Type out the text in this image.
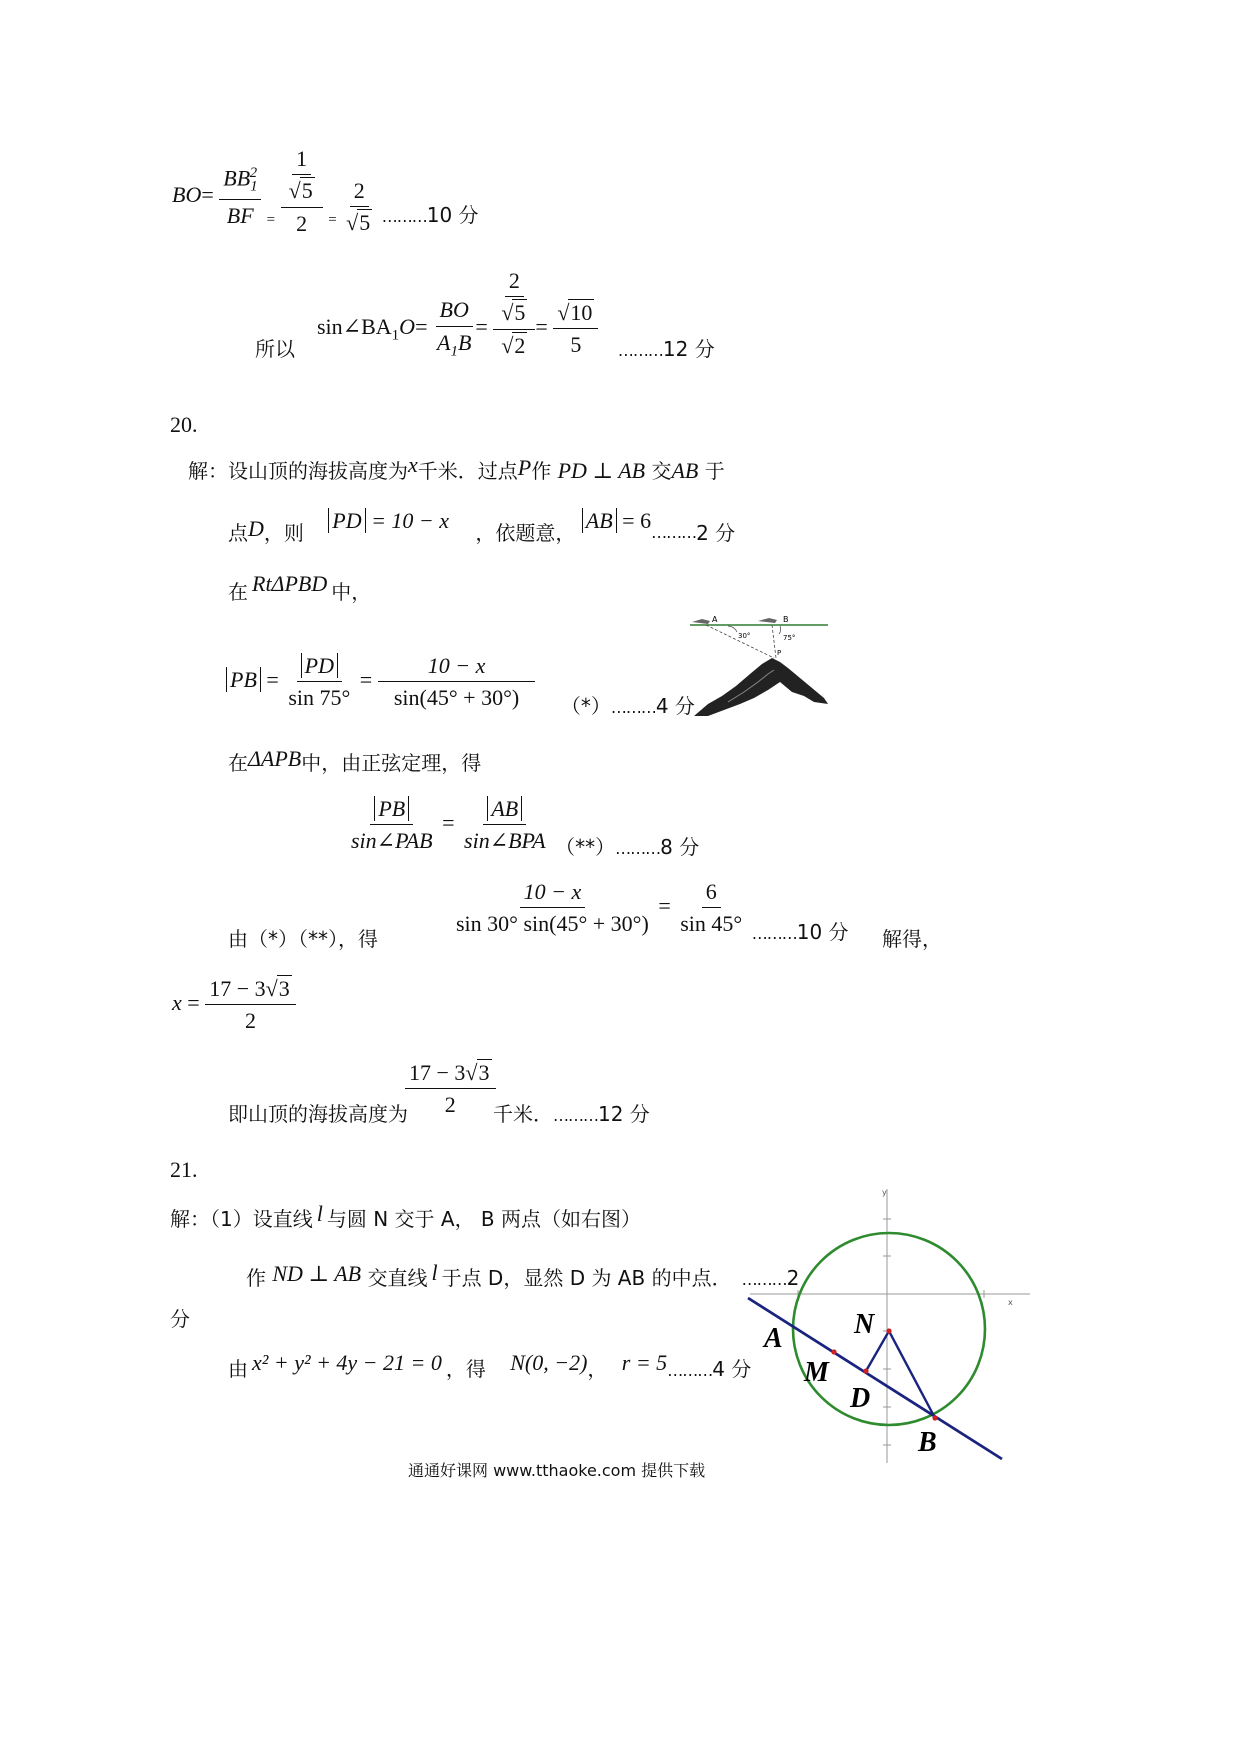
$BO= \frac{BB_1^2}{BF} _= \frac{\frac{1}{√5}}{2} _= \frac{2}{√5} _{\dots\dots\dots}10$ 分
所以
$\sin\angle BA_1O= \frac{BO}{A_1B} = \frac{\frac{2}{√5}}{√2} = \frac{√10}{5} _{\dots\dots\dots}12$ 分
20.
解：设山顶的海拔高度为x千米．过点P作 PD ⊥ AB 交AB 于
点D，则 PD = 10 − x ，依题意， AB = $6_{\dots\dots\dots}2$ 分
在 RtΔPBD 中，
PB = $\frac{PD}{\sin 75^\circ} = \frac{10 - x}{\sin(45^\circ + 30^\circ)} (*)_{\dots\dots\dots}4$ 分
A	B
30°	75°
P
在ΔAPB中，由正弦定理，得
$\frac{PB}{\text{sin∠PAB}} = \frac{AB}{\text{sin∠BPA}} (**)_{\dots\dots\dots}8$ 分
由（*）（**），得
$\frac{10 - x}{\sin 30^\circ \sin(45^\circ + 30^\circ)} = \frac{6}{\sin 45^\circ} _{\dots\dots\dots}10$ 分 解得，
$x = \frac{17 - 3√3}{2}$
即山顶的海拔高度为
$\frac{17 - 3√3}{2}$
千米．………12 分
21.
解：（1）设直线 l 与圆 N 交于 A， B 两点（如右图）
作 ND ⊥ AB 交直线 l 于点 D，显然 D 为 AB 的中点． ………2
分
由 x² + y² + 4y − 21 = 0 ，得 N(0, −2)， $r = 5_{\dots\dots\dots}4$ 分
y
x
A
M
D
N
B
通通好课网 www.tthaoke.com 提供下载
